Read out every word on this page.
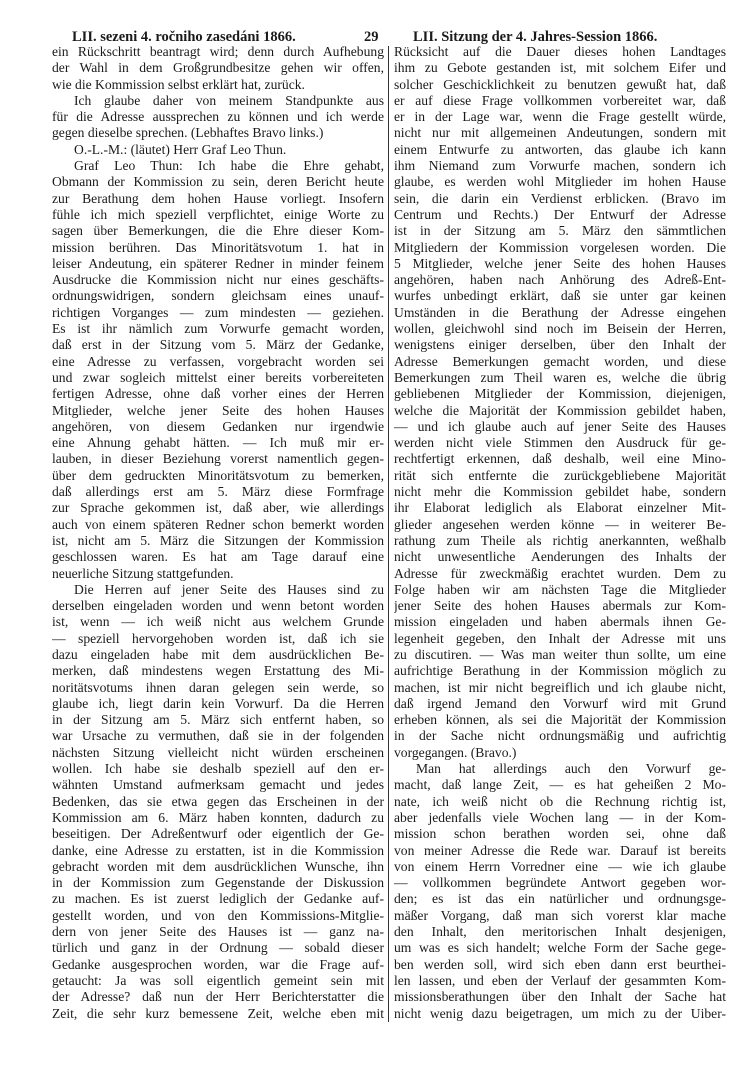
LII. sezeni 4. ročniho zasedáni 1866.	29 LII. Sitzung der 4. Jahres-Session 1866.
ein Rückschritt beantragt wird; denn durch Aufhebung
der Wahl in dem Großgrundbesitze gehen wir offen,
wie die Kommission selbst erklärt hat, zurück.
Ich glaube daher von meinem Standpunkte aus
für die Adresse aussprechen zu können und ich werde
gegen dieselbe sprechen. (Lebhaftes Bravo links.)
O.-L.-M.: (läutet) Herr Graf Leo Thun.
Graf Leo Thun: Ich habe die Ehre gehabt,
Obmann der Kommission zu sein, deren Bericht heute
zur Berathung dem hohen Hause vorliegt. Insofern
fühle ich mich speziell verpflichtet, einige Worte zu
sagen über Bemerkungen, die die Ehre dieser Kom-
mission berühren. Das Minoritätsvotum 1. hat in
leiser Andeutung, ein späterer Redner in minder feinem
Ausdrucke die Kommission nicht nur eines geschäfts-
ordnungswidrigen, sondern gleichsam eines unauf-
richtigen Vorganges — zum mindesten — geziehen.
Es ist ihr nämlich zum Vorwurfe gemacht worden,
daß erst in der Sitzung vom 5. März der Gedanke,
eine Adresse zu verfassen, vorgebracht worden sei
und zwar sogleich mittelst einer bereits vorbereiteten
fertigen Adresse, ohne daß vorher eines der Herren
Mitglieder, welche jener Seite des hohen Hauses
angehören, von diesem Gedanken nur irgendwie
eine Ahnung gehabt hätten. — Ich muß mir er-
lauben, in dieser Beziehung vorerst namentlich gegen-
über dem gedruckten Minoritätsvotum zu bemerken,
daß allerdings erst am 5. März diese Formfrage
zur Sprache gekommen ist, daß aber, wie allerdings
auch von einem späteren Redner schon bemerkt worden
ist, nicht am 5. März die Sitzungen der Kommission
geschlossen waren. Es hat am Tage darauf eine
neuerliche Sitzung stattgefunden.
Die Herren auf jener Seite des Hauses sind zu
derselben eingeladen worden und wenn betont worden
ist, wenn — ich weiß nicht aus welchem Grunde
— speziell hervorgehoben worden ist, daß ich sie
dazu eingeladen habe mit dem ausdrücklichen Be-
merken, daß mindestens wegen Erstattung des Mi-
noritätsvotums ihnen daran gelegen sein werde, so
glaube ich, liegt darin kein Vorwurf. Da die Herren
in der Sitzung am 5. März sich entfernt haben, so
war Ursache zu vermuthen, daß sie in der folgenden
nächsten Sitzung vielleicht nicht würden erscheinen
wollen. Ich habe sie deshalb speziell auf den er-
wähnten Umstand aufmerksam gemacht und jedes
Bedenken, das sie etwa gegen das Erscheinen in der
Kommission am 6. März haben konnten, dadurch zu
beseitigen. Der Adreßentwurf oder eigentlich der Ge-
danke, eine Adresse zu erstatten, ist in die Kommission
gebracht worden mit dem ausdrücklichen Wunsche, ihn
in der Kommission zum Gegenstande der Diskussion
zu machen. Es ist zuerst lediglich der Gedanke auf-
gestellt worden, und von den Kommissions-Mitglie-
dern von jener Seite des Hauses ist — ganz na-
türlich und ganz in der Ordnung — sobald dieser
Gedanke ausgesprochen worden, war die Frage auf-
getaucht: Ja was soll eigentlich gemeint sein mit
der Adresse? daß nun der Herr Berichterstatter die
Zeit, die sehr kurz bemessene Zeit, welche eben mit
Rücksicht auf die Dauer dieses hohen Landtages
ihm zu Gebote gestanden ist, mit solchem Eifer und
solcher Geschicklichkeit zu benutzen gewußt hat, daß
er auf diese Frage vollkommen vorbereitet war, daß
er in der Lage war, wenn die Frage gestellt würde,
nicht nur mit allgemeinen Andeutungen, sondern mit
einem Entwurfe zu antworten, das glaube ich kann
ihm Niemand zum Vorwurfe machen, sondern ich
glaube, es werden wohl Mitglieder im hohen Hause
sein, die darin ein Verdienst erblicken. (Bravo im
Centrum und Rechts.) Der Entwurf der Adresse
ist in der Sitzung am 5. März den sämmtlichen
Mitgliedern der Kommission vorgelesen worden. Die
5 Mitglieder, welche jener Seite des hohen Hauses
angehören, haben nach Anhörung des Adreß-Ent-
wurfes unbedingt erklärt, daß sie unter gar keinen
Umständen in die Berathung der Adresse eingehen
wollen, gleichwohl sind noch im Beisein der Herren,
wenigstens einiger derselben, über den Inhalt der
Adresse Bemerkungen gemacht worden, und diese
Bemerkungen zum Theil waren es, welche die übrig
gebliebenen Mitglieder der Kommission, diejenigen,
welche die Majorität der Kommission gebildet haben,
— und ich glaube auch auf jener Seite des Hauses
werden nicht viele Stimmen den Ausdruck für ge-
rechtfertigt erkennen, daß deshalb, weil eine Mino-
rität sich entfernte die zurückgebliebene Majorität
nicht mehr die Kommission gebildet habe, sondern
ihr Elaborat lediglich als Elaborat einzelner Mit-
glieder angesehen werden könne — in weiterer Be-
rathung zum Theile als richtig anerkannten, weßhalb
nicht unwesentliche Aenderungen des Inhalts der
Adresse für zweckmäßig erachtet wurden. Dem zu
Folge haben wir am nächsten Tage die Mitglieder
jener Seite des hohen Hauses abermals zur Kom-
mission eingeladen und haben abermals ihnen Ge-
legenheit gegeben, den Inhalt der Adresse mit uns
zu discutiren. — Was man weiter thun sollte, um eine
aufrichtige Berathung in der Kommission möglich zu
machen, ist mir nicht begreiflich und ich glaube nicht,
daß irgend Jemand den Vorwurf wird mit Grund
erheben können, als sei die Majorität der Kommission
in der Sache nicht ordnungsmäßig und aufrichtig
vorgegangen. (Bravo.)
Man hat allerdings auch den Vorwurf ge-
macht, daß lange Zeit, — es hat geheißen 2 Mo-
nate, ich weiß nicht ob die Rechnung richtig ist,
aber jedenfalls viele Wochen lang — in der Kom-
mission schon berathen worden sei, ohne daß
von meiner Adresse die Rede war. Darauf ist bereits
von einem Herrn Vorredner eine — wie ich glaube
— vollkommen begründete Antwort gegeben wor-
den; es ist das ein natürlicher und ordnungsge-
mäßer Vorgang, daß man sich vorerst klar mache
den Inhalt, den meritorischen Inhalt desjenigen,
um was es sich handelt; welche Form der Sache gege-
ben werden soll, wird sich eben dann erst beurthei-
len lassen, und eben der Verlauf der gesammten Kom-
missionsberathungen über den Inhalt der Sache hat
nicht wenig dazu beigetragen, um mich zu der Uiber-
